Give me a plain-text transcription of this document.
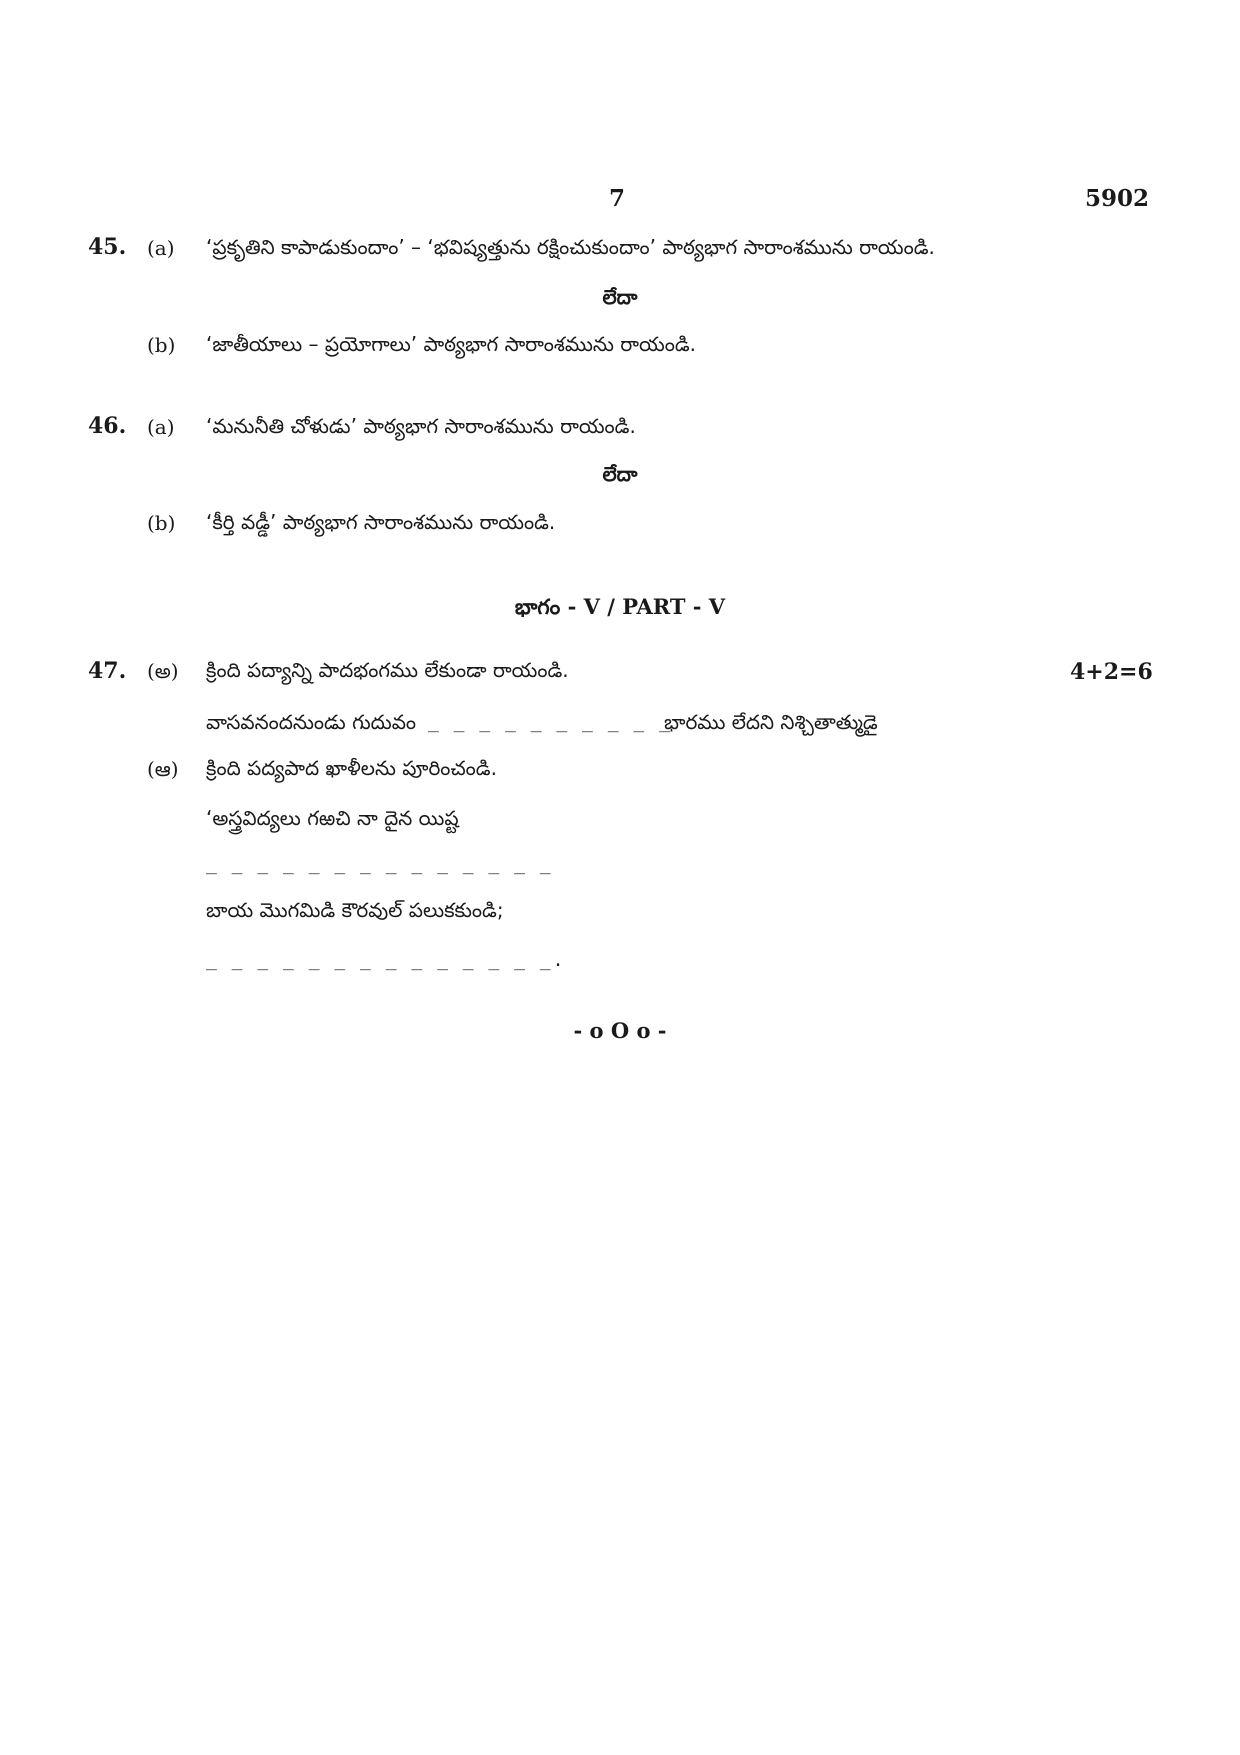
7	5902
45. (a) ‘ప్రకృతిని కాపాడుకుందాం’ – ‘భవిష్యత్తును రక్షించుకుందాం’ పాఠ్యభాగ సారాంశమును రాయండి.
లేదా
(b) ‘జాతీయాలు – ప్రయోగాలు’ పాఠ్యభాగ సారాంశమును రాయండి.
46. (a) ‘మనునీతి చోళుడు’ పాఠ్యభాగ సారాంశమును రాయండి.
లేదా
(b) ‘కీర్తి వడ్డీ’ పాఠ్యభాగ సారాంశమును రాయండి.
భాగం - V / PART - V
47. (అ) క్రింది పద్యాన్ని పాదభంగము లేకుండా రాయండి.	4+2=6
వాసవనందనుండు గుదువం _ _ _ _ _ _ _ _ _ _
భారము లేదని నిశ్చితాత్ముడై
(ఆ) క్రింది పద్యపాద ఖాళీలను పూరించండి.
‘అస్త్రవిద్యలు గఱచి నా దైన యిష్ట
_ _ _ _ _ _ _ _ _ _ _ _ _ _
బాయ మొగమిడి కౌరవుల్ పలుకకుండి;
_ _ _ _ _ _ _ _ _ _ _ _ _ _.
- o O o -
